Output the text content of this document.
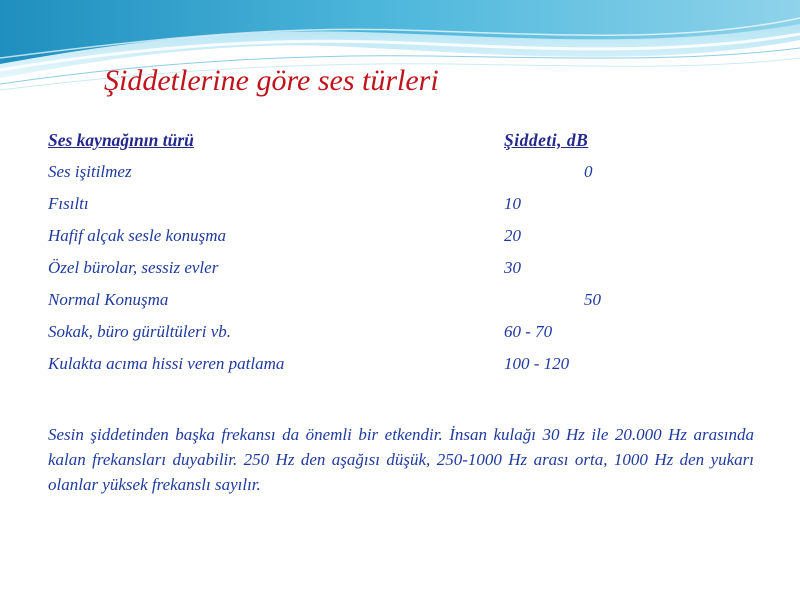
Şiddetlerine göre ses türleri
Ses kaynağının türü	Şiddeti, dB
Ses işitilmez	0
Fısıltı	10
Hafif alçak sesle konuşma	20
Özel bürolar, sessiz evler	30
Normal Konuşma	50
Sokak, büro gürültüleri vb.	60 - 70
Kulakta acıma hissi veren patlama	100 - 120

Sesin şiddetinden başka frekansı da önemli bir etkendir. İnsan kulağı 30 Hz ile 20.000 Hz arasında kalan frekansları duyabilir. 250 Hz den aşağısı düşük, 250-1000 Hz arası orta, 1000 Hz den yukarı olanlar yüksek frekanslı sayılır.
